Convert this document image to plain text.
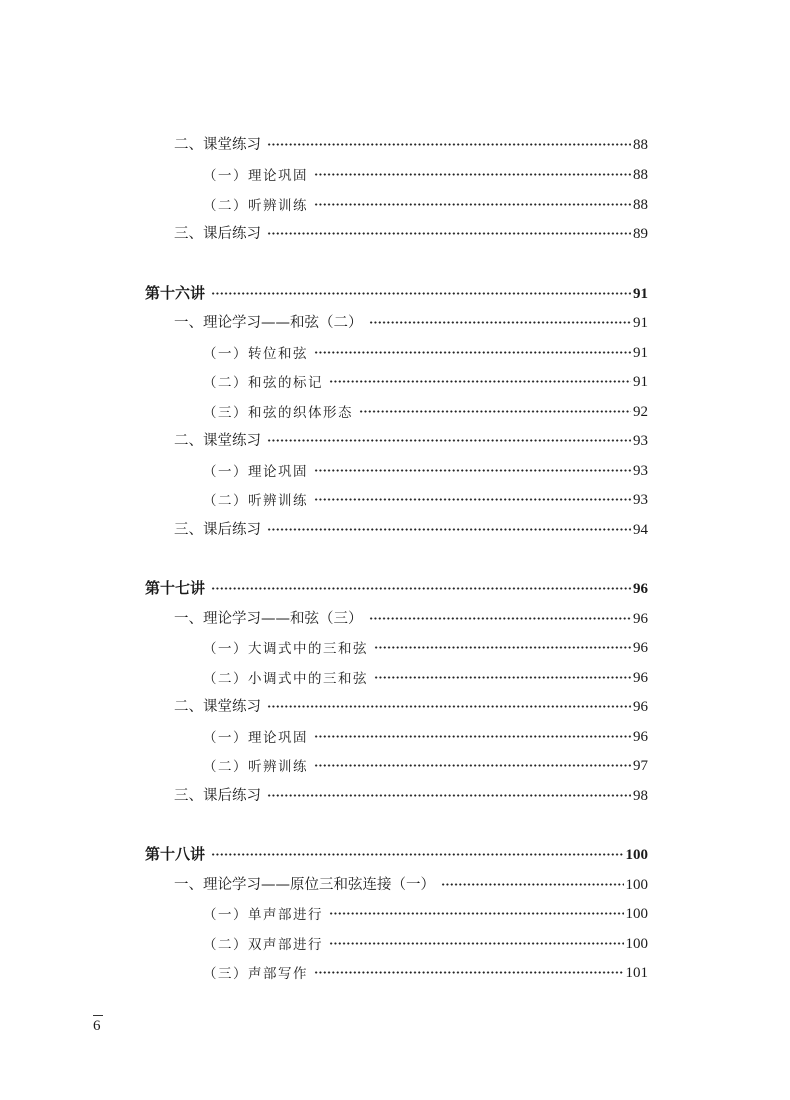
二、课堂练习	88
（一）理论巩固	88
（二）听辨训练	88
三、课后练习	89
第十六讲	91
一、理论学习——和弦（二）	91
（一）转位和弦	91
（二）和弦的标记	91
（三）和弦的织体形态	92
二、课堂练习	93
（一）理论巩固	93
（二）听辨训练	93
三、课后练习	94
第十七讲	96
一、理论学习——和弦（三）	96
（一）大调式中的三和弦	96
（二）小调式中的三和弦	96
二、课堂练习	96
（一）理论巩固	96
（二）听辨训练	97
三、课后练习	98
第十八讲	100
一、理论学习——原位三和弦连接（一）	100
（一）单声部进行	100
（二）双声部进行	100
（三）声部写作	101
6
